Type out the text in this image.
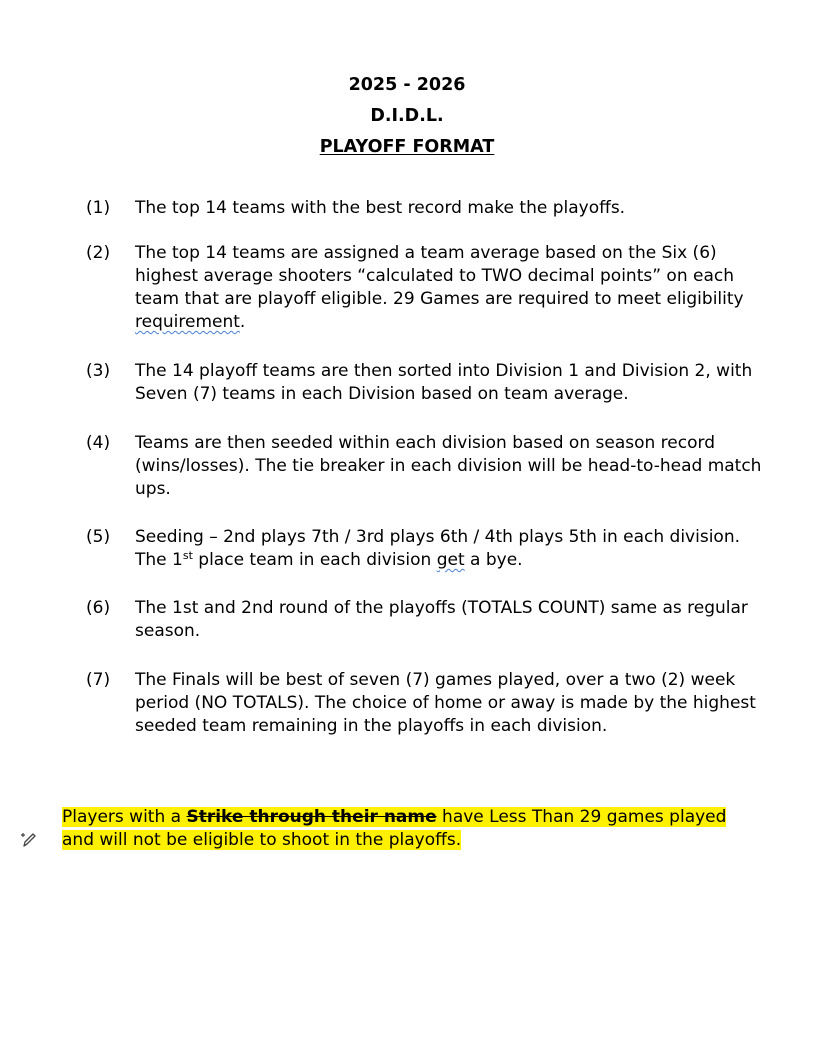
2025 - 2026
D.I.D.L.
PLAYOFF FORMAT
(1)	The top 14 teams with the best record make the playoffs.
(2)	The top 14 teams are assigned a team average based on the Six (6) highest average shooters “calculated to TWO decimal points” on each team that are playoff eligible. 29 Games are required to meet eligibility requirement.
(3)	The 14 playoff teams are then sorted into Division 1 and Division 2, with Seven (7) teams in each Division based on team average.
(4)	Teams are then seeded within each division based on season record (wins/losses). The tie breaker in each division will be head-to-head match ups.
(5)	Seeding – 2nd plays 7th / 3rd plays 6th / 4th plays 5th in each division.
The 1st place team in each division get a bye.
(6)	The 1st and 2nd round of the playoffs (TOTALS COUNT) same as regular season.
(7)	The Finals will be best of seven (7) games played, over a two (2) week period (NO TOTALS). The choice of home or away is made by the highest seeded team remaining in the playoffs in each division.
Players with a Strike through their name have Less Than 29 games played and will not be eligible to shoot in the playoffs.
